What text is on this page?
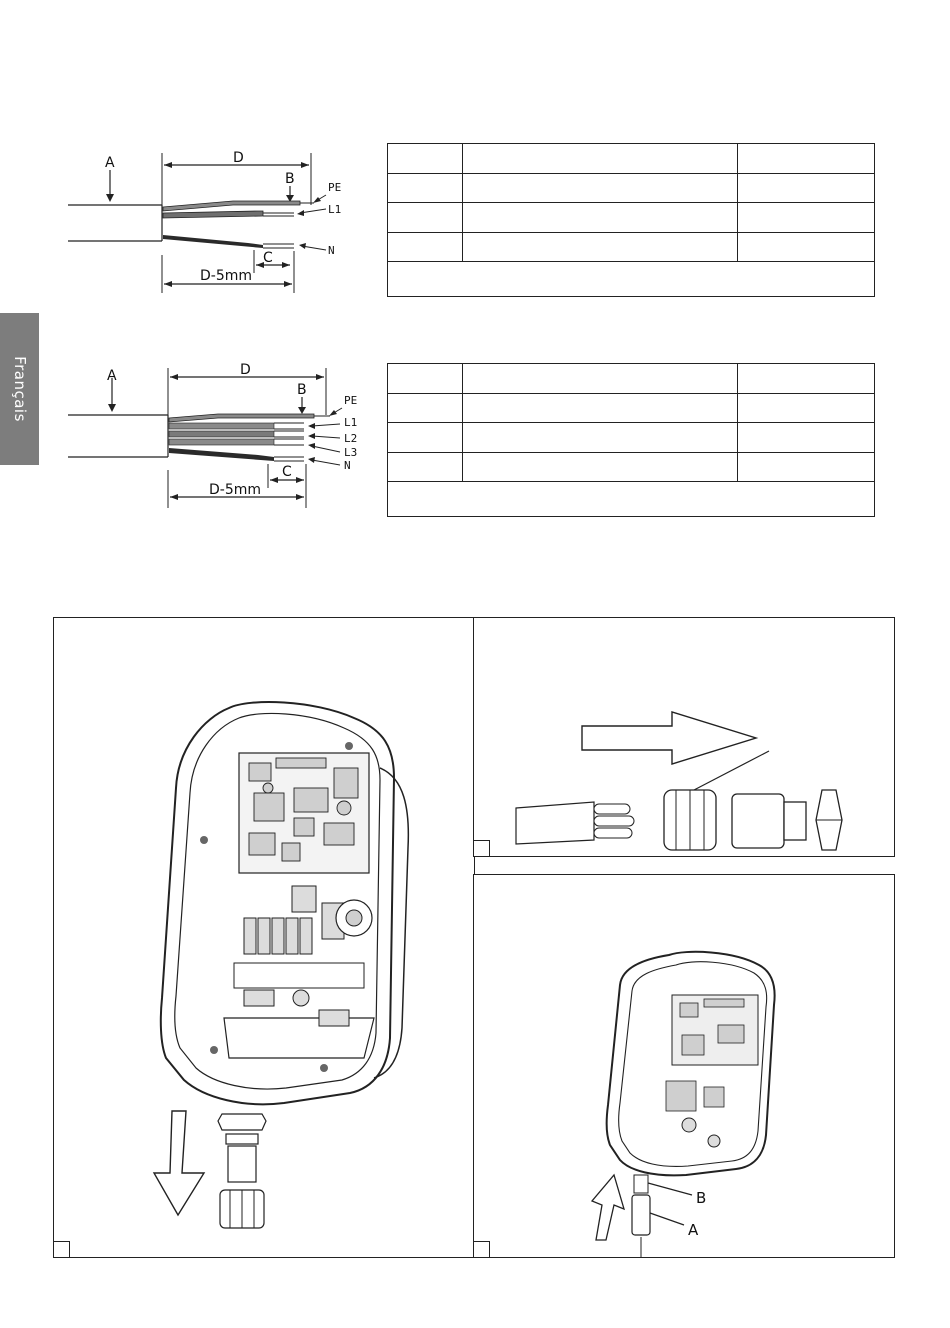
Français
D
A
B
PE
L1
N
C
D-5mm

D
A
B
PE
L1
L2
L3
N
C
D-5mm

B
A
